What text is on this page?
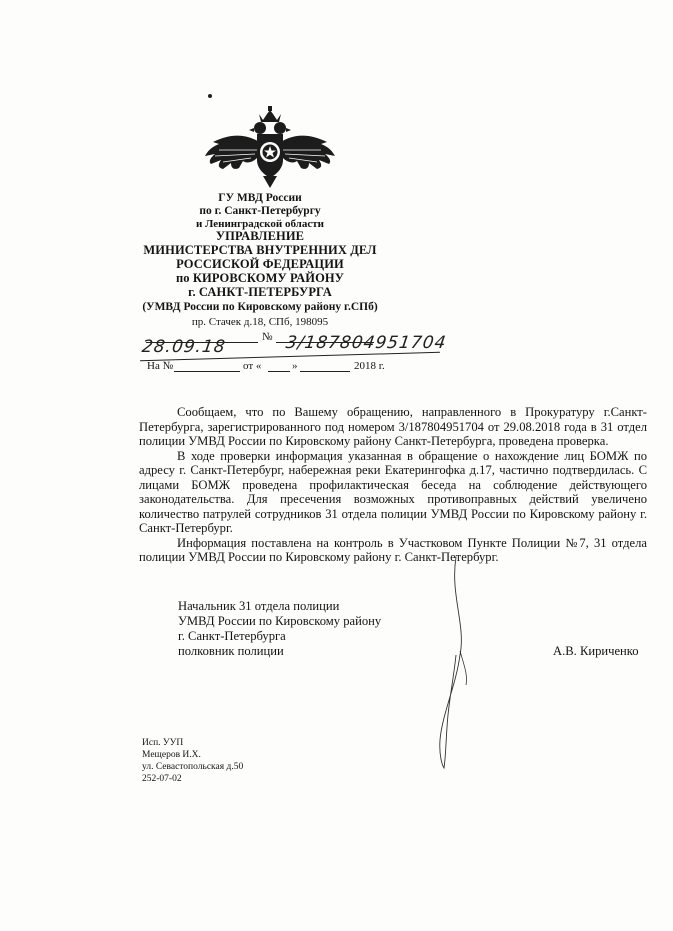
ГУ МВД России
по г. Санкт-Петербургу
и Ленинградской области
УПРАВЛЕНИЕ
МИНИСТЕРСТВА ВНУТРЕННИХ ДЕЛ
РОССИСКОЙ ФЕДЕРАЦИИ
по КИРОВСКОМУ РАЙОНУ
г. САНКТ-ПЕТЕРБУРГА
(УМВД России по Кировскому району г.СПб)
пр. Стачек д.18, СПб, 198095
№
28.09.18	3/187804951704
На №	от «	»	2018 г.

Сообщаем, что по Вашему обращению, направленного в Прокуратуру г.Санкт-Петербурга, зарегистрированного под номером 3/187804951704 от 29.08.2018 года в 31 отдел полиции УМВД России по Кировскому району Санкт-Петербурга, проведена проверка.

В ходе проверки информация указанная в обращение о нахождение лиц БОМЖ по адресу г. Санкт-Петербург, набережная реки Екатерингофка д.17, частично подтвердилась. С лицами БОМЖ проведена профилактическая беседа на соблюдение действующего законодательства. Для пресечения возможных противоправных действий увеличено количество патрулей сотрудников 31 отдела полиции УМВД России по Кировскому району г. Санкт-Петербург.

Информация поставлена на контроль в Участковом Пункте Полиции №7, 31 отдела полиции УМВД России по Кировскому району г. Санкт-Петербург.

Начальник 31 отдела полиции
УМВД России по Кировскому району
г. Санкт-Петербурга
полковник полиции	А.В. Кириченко
Исп. УУП
Мещеров И.Х.
ул. Севастопольская д.50
252-07-02
